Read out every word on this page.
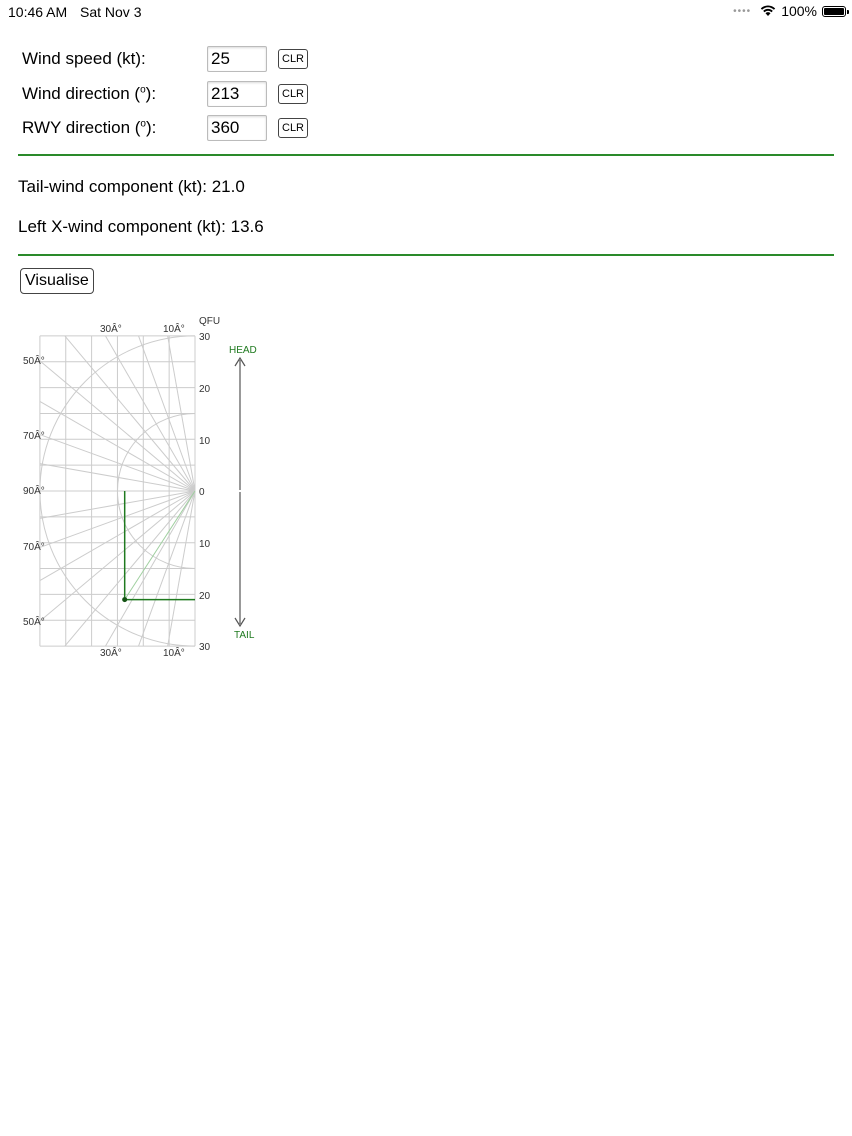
10:46 AM Sat Nov 3	•••• 100%
Wind speed (kt):
25	CLR
Wind direction ($^o$):
213	CLR
RWY direction ($^o$):
360	CLR
Tail-wind component (kt): 21.0
Left X-wind component (kt): 13.6
Visualise
QFU
HEAD
TAIL
30
20
10
0
10
20
30
50Â°
70Â°
90Â°
70Â°
50Â°
30Â°	10Â°
30Â°	10Â°
